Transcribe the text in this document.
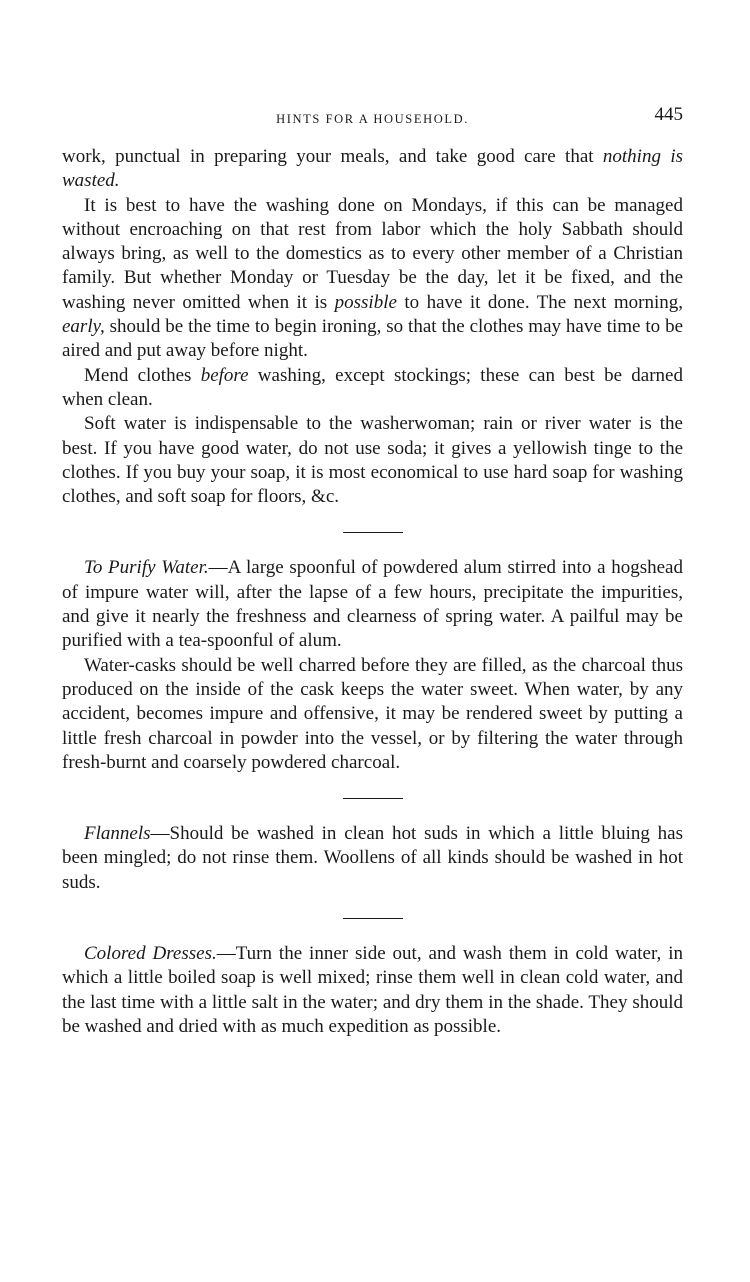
HINTS FOR A HOUSEHOLD.	445

work, punctual in preparing your meals, and take good care that nothing is wasted.

It is best to have the washing done on Mondays, if this can be managed without encroaching on that rest from labor which the holy Sabbath should always bring, as well to the domestics as to every other member of a Christian family. But whether Monday or Tuesday be the day, let it be fixed, and the washing never omitted when it is possible to have it done. The next morning, early, should be the time to begin ironing, so that the clothes may have time to be aired and put away before night.

Mend clothes before washing, except stockings; these can best be darned when clean.

Soft water is indispensable to the washerwoman; rain or river water is the best. If you have good water, do not use soda; it gives a yellowish tinge to the clothes. If you buy your soap, it is most economical to use hard soap for washing clothes, and soft soap for floors, &c.

To Purify Water.—A large spoonful of powdered alum stirred into a hogshead of impure water will, after the lapse of a few hours, precipitate the impurities, and give it nearly the freshness and clearness of spring water. A pailful may be purified with a tea-spoonful of alum.

Water-casks should be well charred before they are filled, as the charcoal thus produced on the inside of the cask keeps the water sweet. When water, by any accident, becomes impure and offensive, it may be rendered sweet by putting a little fresh charcoal in powder into the vessel, or by filtering the water through fresh-burnt and coarsely powdered charcoal.

Flannels—Should be washed in clean hot suds in which a little bluing has been mingled; do not rinse them. Woollens of all kinds should be washed in hot suds.

Colored Dresses.—Turn the inner side out, and wash them in cold water, in which a little boiled soap is well mixed; rinse them well in clean cold water, and the last time with a little salt in the water; and dry them in the shade. They should be washed and dried with as much expedition as possible.
